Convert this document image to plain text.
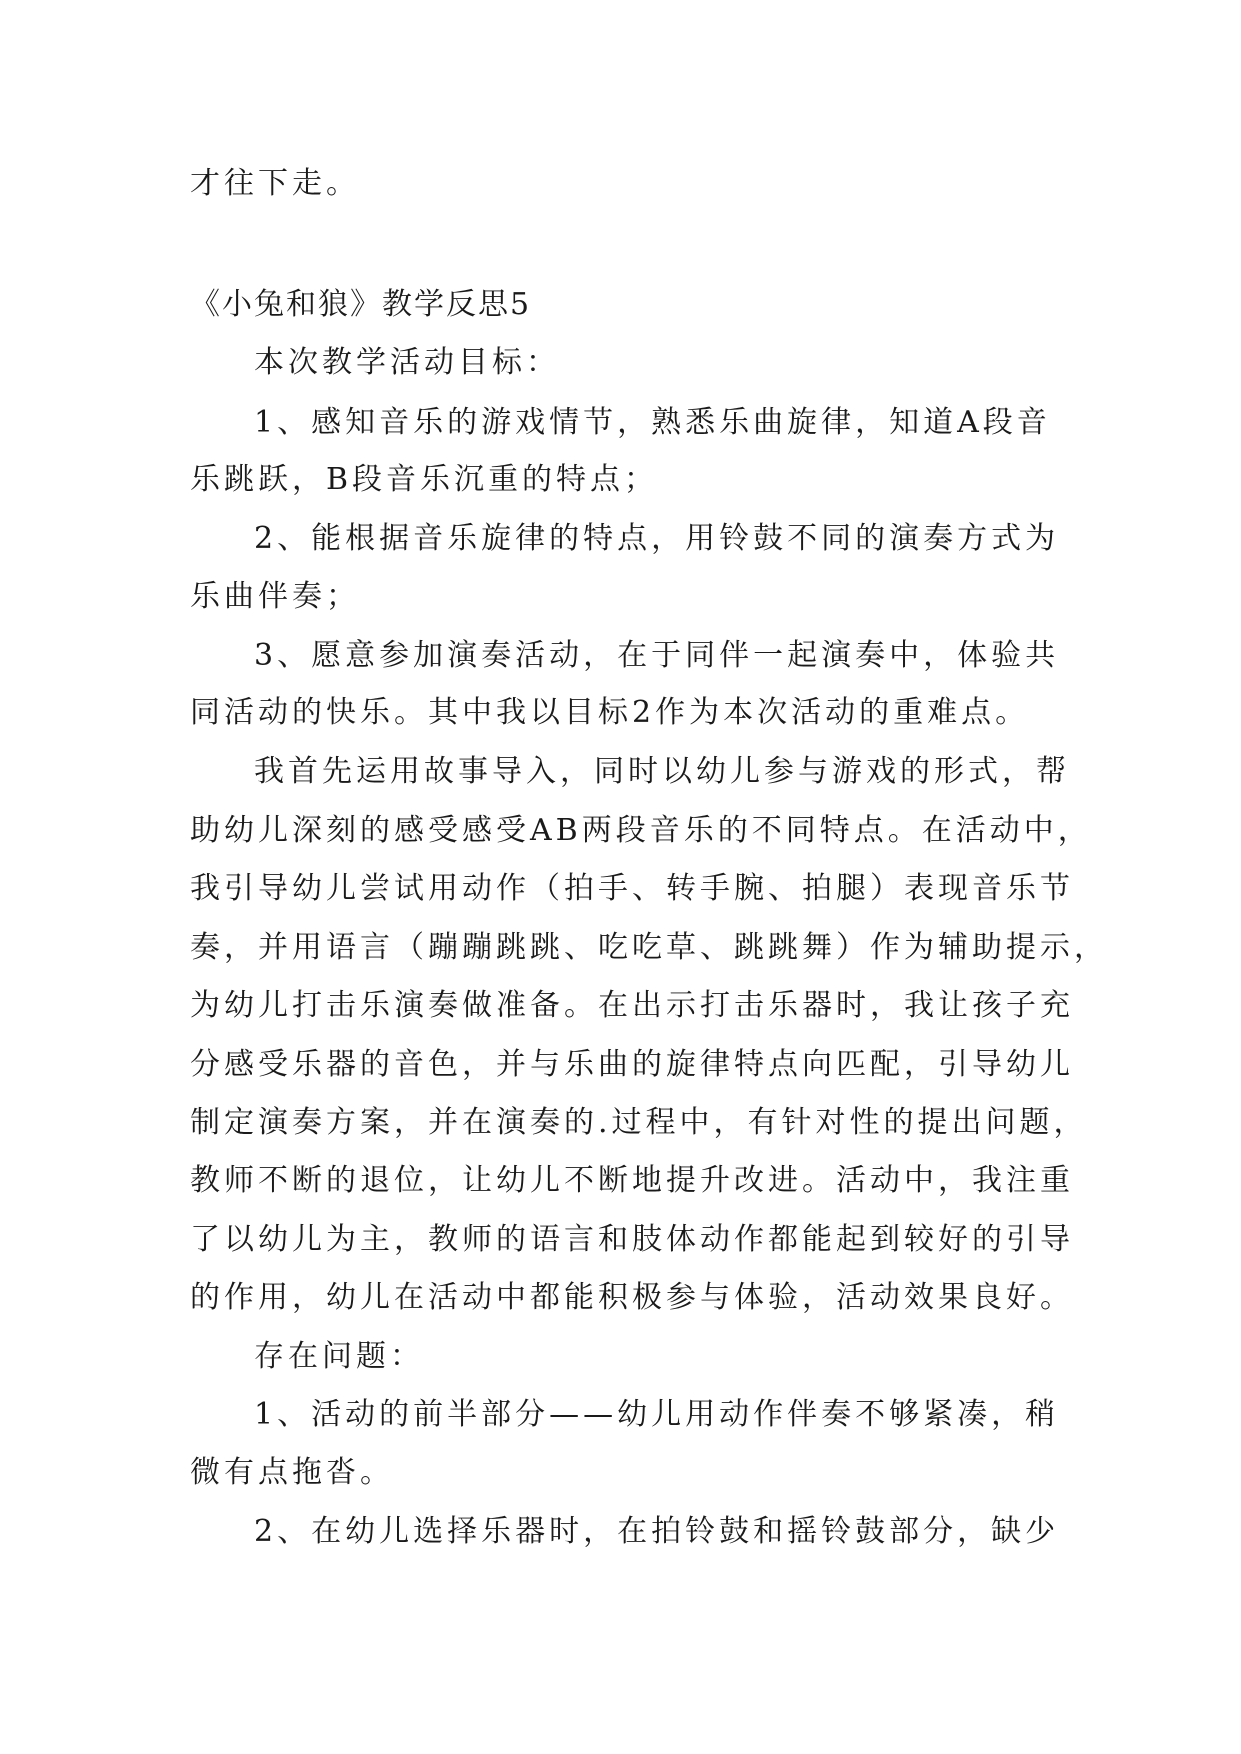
才往下走。
《小兔和狼》教学反思5
本次教学活动目标：
1、感知音乐的游戏情节，熟悉乐曲旋律，知道A段音
乐跳跃，B段音乐沉重的特点；
2、能根据音乐旋律的特点，用铃鼓不同的演奏方式为
乐曲伴奏；
3、愿意参加演奏活动，在于同伴一起演奏中，体验共
同活动的快乐。其中我以目标2作为本次活动的重难点。
我首先运用故事导入，同时以幼儿参与游戏的形式，帮
助幼儿深刻的感受感受AB两段音乐的不同特点。在活动中，
我引导幼儿尝试用动作（拍手、转手腕、拍腿）表现音乐节
奏，并用语言（蹦蹦跳跳、吃吃草、跳跳舞）作为辅助提示，
为幼儿打击乐演奏做准备。在出示打击乐器时，我让孩子充
分感受乐器的音色，并与乐曲的旋律特点向匹配，引导幼儿
制定演奏方案，并在演奏的.过程中，有针对性的提出问题，
教师不断的退位，让幼儿不断地提升改进。活动中，我注重
了以幼儿为主，教师的语言和肢体动作都能起到较好的引导
的作用，幼儿在活动中都能积极参与体验，活动效果良好。
存在问题：
1、活动的前半部分——幼儿用动作伴奏不够紧凑，稍
微有点拖沓。
2、在幼儿选择乐器时，在拍铃鼓和摇铃鼓部分，缺少
